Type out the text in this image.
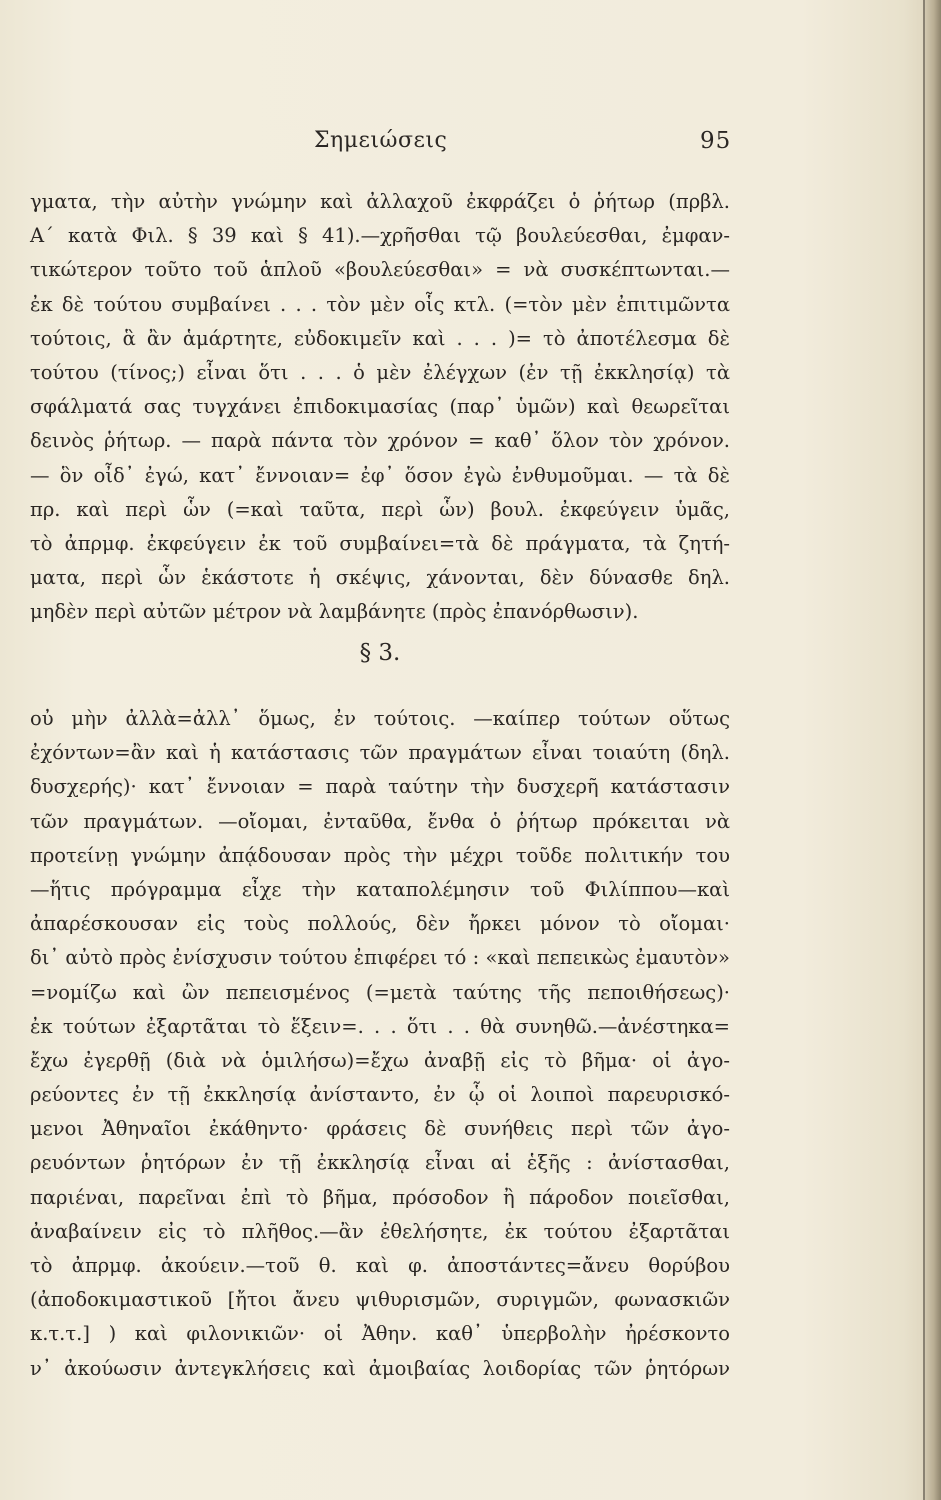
Σημειώσεις	95
γματα, τὴν αὐτὴν γνώμην καὶ ἀλλαχοῦ ἐκφράζει ὁ ῥήτωρ (πρβλ.
Α΄ κατὰ Φιλ. § 39 καὶ § 41).—χρῆσθαι τῷ βουλεύεσθαι, ἐμφαν-
τικώτερον τοῦτο τοῦ ἁπλοῦ «βουλεύεσθαι» = νὰ συσκέπτωνται.—
ἐκ δὲ τούτου συμβαίνει . . . τὸν μὲν οἷς κτλ. (=τὸν μὲν ἐπιτιμῶντα
τούτοις, ἃ ἂν ἁμάρτητε, εὐδοκιμεῖν καὶ . . . )= τὸ ἀποτέλεσμα δὲ
τούτου (τίνος;) εἶναι ὅτι . . . ὁ μὲν ἐλέγχων (ἐν τῇ ἐκκλησίᾳ) τὰ
σφάλματά σας τυγχάνει ἐπιδοκιμασίας (παρ᾽ ὑμῶν) καὶ θεωρεῖται
δεινὸς ῥήτωρ. — παρὰ πάντα τὸν χρόνον = καθ᾽ ὅλον τὸν χρόνον.
— ὃν οἶδ᾽ ἐγώ, κατ᾽ ἔννοιαν= ἐφ᾽ ὅσον ἐγὼ ἐνθυμοῦμαι. — τὰ δὲ
πρ. καὶ περὶ ὧν (=καὶ ταῦτα, περὶ ὧν) βουλ. ἐκφεύγειν ὑμᾶς,
τὸ ἀπρμφ. ἐκφεύγειν ἐκ τοῦ συμβαίνει=τὰ δὲ πράγματα, τὰ ζητή-
ματα, περὶ ὧν ἑκάστοτε ἡ σκέψις, χάνονται, δὲν δύνασθε δηλ.
μηδὲν περὶ αὐτῶν μέτρον νὰ λαμβάνητε (πρὸς ἐπανόρθωσιν).
§ 3.
οὐ μὴν ἀλλὰ=ἀλλ᾽ ὅμως, ἐν τούτοις. —καίπερ τούτων οὕτως
ἐχόντων=ἂν καὶ ἡ κατάστασις τῶν πραγμάτων εἶναι τοιαύτη (δηλ.
δυσχερής)· κατ᾽ ἔννοιαν = παρὰ ταύτην τὴν δυσχερῆ κατάστασιν
τῶν πραγμάτων. —οἴομαι, ἐνταῦθα, ἔνθα ὁ ῥήτωρ πρόκειται νὰ
προτείνῃ γνώμην ἀπᾴδουσαν πρὸς τὴν μέχρι τοῦδε πολιτικήν του
—ἥτις πρόγραμμα εἶχε τὴν καταπολέμησιν τοῦ Φιλίππου—καὶ
ἀπαρέσκουσαν εἰς τοὺς πολλούς, δὲν ἤρκει μόνον τὸ οἴομαι·
δι᾽ αὐτὸ πρὸς ἐνίσχυσιν τούτου ἐπιφέρει τό : «καὶ πεπεικὼς ἐμαυτὸν»
=νομίζω καὶ ὢν πεπεισμένος (=μετὰ ταύτης τῆς πεποιθήσεως)·
ἐκ τούτων ἐξαρτᾶται τὸ ἕξειν=. . . ὅτι . . θὰ συνηθῶ.—ἀνέστηκα=
ἔχω ἐγερθῇ (διὰ νὰ ὁμιλήσω)=ἔχω ἀναβῇ εἰς τὸ βῆμα· οἱ ἀγο-
ρεύοντες ἐν τῇ ἐκκλησίᾳ ἀνίσταντο, ἐν ᾧ οἱ λοιποὶ παρευρισκό-
μενοι Ἀθηναῖοι ἐκάθηντο· φράσεις δὲ συνήθεις περὶ τῶν ἀγο-
ρευόντων ῥητόρων ἐν τῇ ἐκκλησίᾳ εἶναι αἱ ἑξῆς : ἀνίστασθαι,
παριέναι, παρεῖναι ἐπὶ τὸ βῆμα, πρόσοδον ἢ πάροδον ποιεῖσθαι,
ἀναβαίνειν εἰς τὸ πλῆθος.—ἂν ἐθελήσητε, ἐκ τούτου ἐξαρτᾶται
τὸ ἀπρμφ. ἀκούειν.—τοῦ θ. καὶ φ. ἀποστάντες=ἄνευ θορύβου
(ἀποδοκιμαστικοῦ [ἤτοι ἄνευ ψιθυρισμῶν, συριγμῶν, φωνασκιῶν
κ.τ.τ.] ) καὶ φιλονικιῶν· οἱ Ἀθην. καθ᾽ ὑπερβολὴν ἠρέσκοντο
ν᾽ ἀκούωσιν ἀντεγκλήσεις καὶ ἀμοιβαίας λοιδορίας τῶν ῥητόρων
